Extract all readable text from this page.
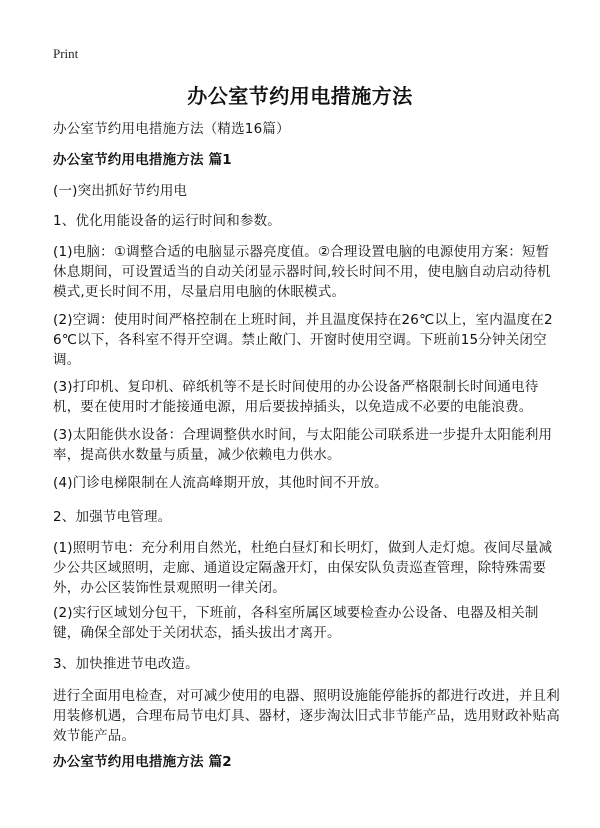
Print
办公室节约用电措施方法
办公室节约用电措施方法（精选16篇）
办公室节约用电措施方法 篇1
(一)突出抓好节约用电
1、优化用能设备的运行时间和参数。
(1)电脑：①调整合适的电脑显示器亮度值。②合理设置电脑的电源使用方案：短暂休息期间，可设置适当的自动关闭显示器时间,较长时间不用，使电脑自动启动待机模式,更长时间不用，尽量启用电脑的休眠模式。
(2)空调：使用时间严格控制在上班时间，并且温度保持在26℃以上，室内温度在26℃以下，各科室不得开空调。禁止敞门、开窗时使用空调。下班前15分钟关闭空调。
(3)打印机、复印机、碎纸机等不是长时间使用的办公设备严格限制长时间通电待机，要在使用时才能接通电源，用后要拔掉插头，以免造成不必要的电能浪费。
(3)太阳能供水设备：合理调整供水时间，与太阳能公司联系进一步提升太阳能利用率，提高供水数量与质量，减少依赖电力供水。
(4)门诊电梯限制在人流高峰期开放，其他时间不开放。
2、加强节电管理。
(1)照明节电：充分利用自然光，杜绝白昼灯和长明灯，做到人走灯熄。夜间尽量减少公共区域照明，走廊、通道设定隔盏开灯，由保安队负责巡查管理，除特殊需要外，办公区装饰性景观照明一律关闭。
(2)实行区域划分包干，下班前，各科室所属区域要检查办公设备、电器及相关制键，确保全部处于关闭状态，插头拔出才离开。
3、加快推进节电改造。
进行全面用电检查，对可减少使用的电器、照明设施能停能拆的都进行改进，并且利用装修机遇，合理布局节电灯具、器材，逐步淘汰旧式非节能产品，选用财政补贴高效节能产品。
办公室节约用电措施方法 篇2
